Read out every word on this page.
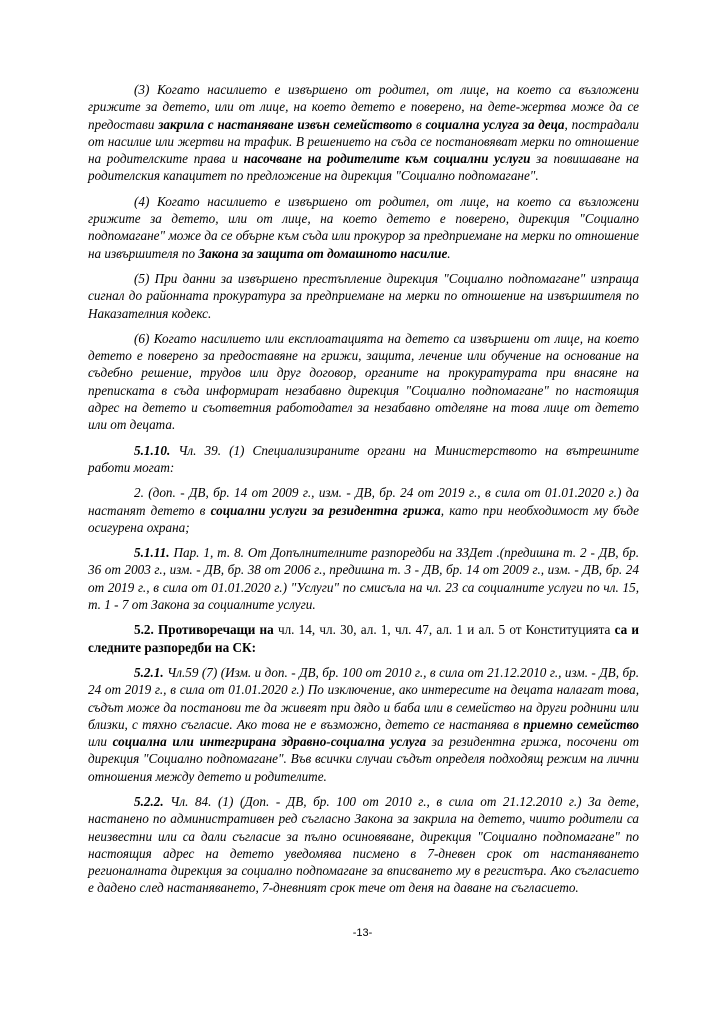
(3) Когато насилието е извършено от родител, от лице, на което са възложени грижите за детето, или от лице, на което детето е поверено, на дете-жертва може да се предостави закрила с настаняване извън семейството в социална услуга за деца, пострадали от насилие или жертви на трафик. В решението на съда се постановяват мерки по отношение на родителските права и насочване на родителите към социални услуги за повишаване на родителския капацитет по предложение на дирекция "Социално подпомагане".

(4) Когато насилието е извършено от родител, от лице, на което са възложени грижите за детето, или от лице, на което детето е поверено, дирекция "Социално подпомагане" може да се обърне към съда или прокурор за предприемане на мерки по отношение на извършителя по Закона за защита от домашното насилие.

(5) При данни за извършено престъпление дирекция "Социално подпомагане" изпраща сигнал до районната прокуратура за предприемане на мерки по отношение на извършителя по Наказателния кодекс.

(6) Когато насилието или експлоатацията на детето са извършени от лице, на което детето е поверено за предоставяне на грижи, защита, лечение или обучение на основание на съдебно решение, трудов или друг договор, органите на прокуратурата при внасяне на преписката в съда информират незабавно дирекция "Социално подпомагане" по настоящия адрес на детето и съответния работодател за незабавно отделяне на това лице от детето или от децата.

5.1.10. Чл. 39. (1) Специализираните органи на Министерството на вътрешните работи могат:

2. (доп. - ДВ, бр. 14 от 2009 г., изм. - ДВ, бр. 24 от 2019 г., в сила от 01.01.2020 г.) да настанят детето в социални услуги за резидентна грижа, като при необходимост му бъде осигурена охрана;

5.1.11. Пар. 1, т. 8. От Допълнителните разпоредби на ЗЗДет .(предишна т. 2 - ДВ, бр. 36 от 2003 г., изм. - ДВ, бр. 38 от 2006 г., предишна т. 3 - ДВ, бр. 14 от 2009 г., изм. - ДВ, бр. 24 от 2019 г., в сила от 01.01.2020 г.) "Услуги" по смисъла на чл. 23 са социалните услуги по чл. 15, т. 1 - 7 от Закона за социалните услуги.

5.2. Противоречащи на чл. 14, чл. 30, ал. 1, чл. 47, ал. 1 и ал. 5 от Конституцията са и следните разпоредби на СК:

5.2.1. Чл.59 (7) (Изм. и доп. - ДВ, бр. 100 от 2010 г., в сила от 21.12.2010 г., изм. - ДВ, бр. 24 от 2019 г., в сила от 01.01.2020 г.) По изключение, ако интересите на децата налагат това, съдът може да постанови те да живеят при дядо и баба или в семейство на други роднини или близки, с тяхно съгласие. Ако това не е възможно, детето се настанява в приемно семейство или социална или интегрирана здравно-социална услуга за резидентна грижа, посочени от дирекция "Социално подпомагане". Във всички случаи съдът определя подходящ режим на лични отношения между детето и родителите.

5.2.2. Чл. 84. (1) (Доп. - ДВ, бр. 100 от 2010 г., в сила от 21.12.2010 г.) За дете, настанено по административен ред съгласно Закона за закрила на детето, чиито родители са неизвестни или са дали съгласие за пълно осиновяване, дирекция "Социално подпомагане" по настоящия адрес на детето уведомява писмено в 7-дневен срок от настаняването регионалната дирекция за социално подпомагане за вписването му в регистъра. Ако съгласието е дадено след настаняването, 7-дневният срок тече от деня на даване на съгласието.

-13-
